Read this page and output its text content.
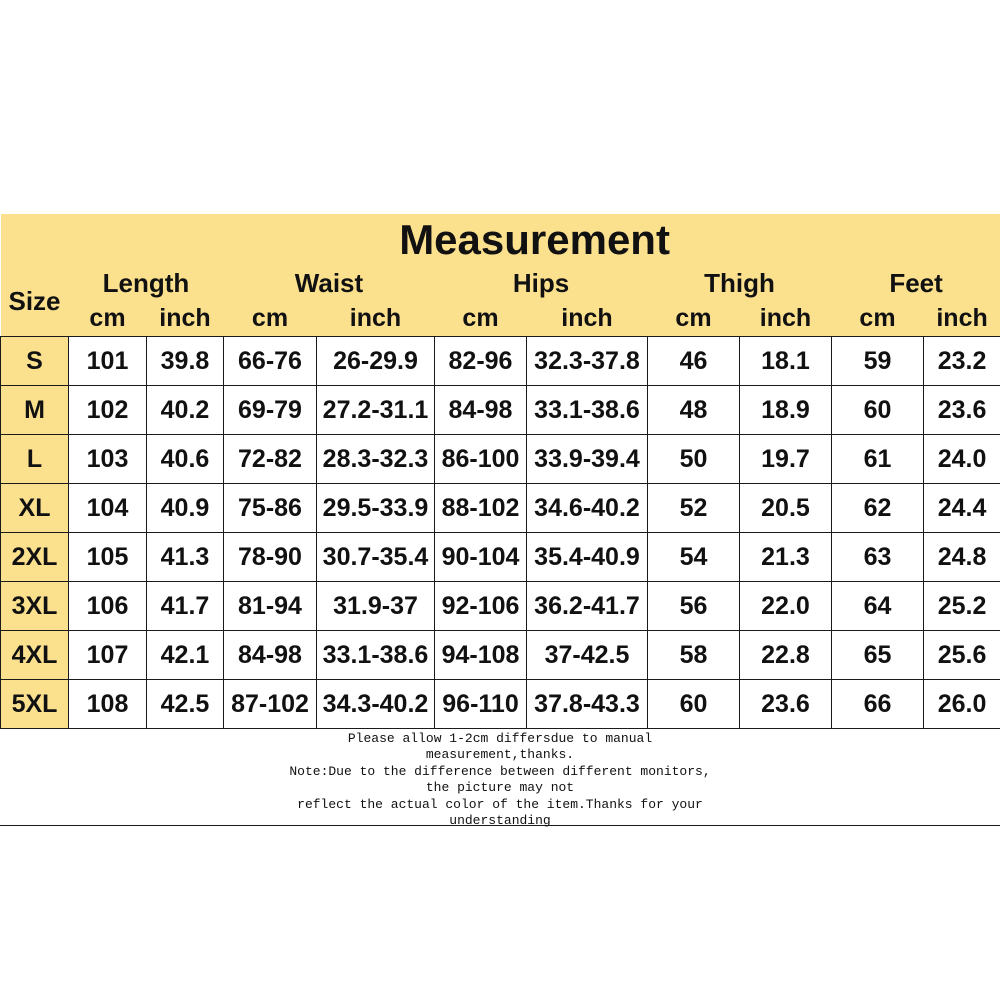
	Measurement									
Size	Length		Waist		Hips		Thigh		Feet	
	cm	inch	cm	inch	cm	inch	cm	inch	cm	inch
S	101	39.8	66-76	26-29.9	82-96	32.3-37.8	46	18.1	59	23.2
M	102	40.2	69-79	27.2-31.1	84-98	33.1-38.6	48	18.9	60	23.6
L	103	40.6	72-82	28.3-32.3	86-100	33.9-39.4	50	19.7	61	24.0
XL	104	40.9	75-86	29.5-33.9	88-102	34.6-40.2	52	20.5	62	24.4
2XL	105	41.3	78-90	30.7-35.4	90-104	35.4-40.9	54	21.3	63	24.8
3XL	106	41.7	81-94	31.9-37	92-106	36.2-41.7	56	22.0	64	25.2
4XL	107	42.1	84-98	33.1-38.6	94-108	37-42.5	58	22.8	65	25.6
5XL	108	42.5	87-102	34.3-40.2	96-110	37.8-43.3	60	23.6	66	26.0
Please allow 1-2cm differsdue to manual
measurement,thanks.
Note:Due to the difference between different monitors,
the picture may not
reflect the actual color of the item.Thanks for your
understanding
